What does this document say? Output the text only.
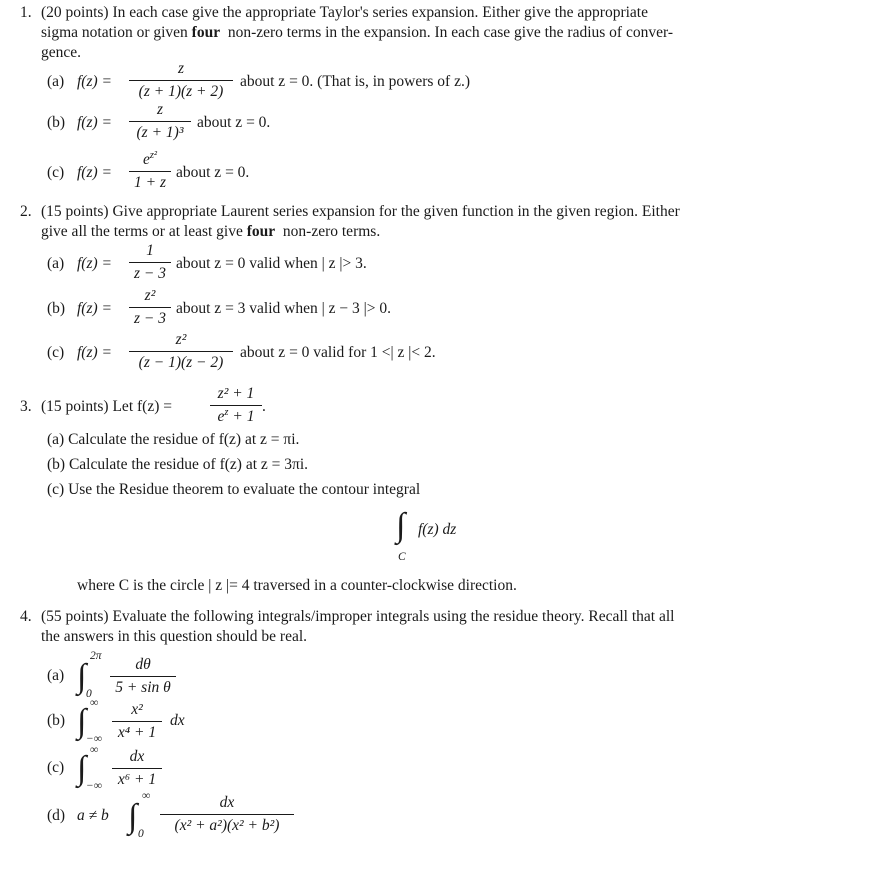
1. (20 points) In each case give the appropriate Taylor's series expansion. Either give the appropriate
sigma notation or given four non-zero terms in the expansion. In each case give the radius of conver-
gence.
(a) f(z) =
z
(z + 1)(z + 2)
about z = 0. (That is, in powers of z.)
(b) f(z) =
z
(z + 1)³
about z = 0.
(c) f(z) =
$e^{z^2}$
1 + z
about z = 0.
2. (15 points) Give appropriate Laurent series expansion for the given function in the given region. Either
give all the terms or at least give four non-zero terms.
(a) f(z) =
1
z − 3
about z = 0 valid when | z |> 3.
(b) f(z) =
z²
z − 3
about z = 3 valid when | z − 3 |> 0.
(c) f(z) =
z²
(z − 1)(z − 2)
about z = 0 valid for 1 <| z |< 2.
3. (15 points) Let f(z) =
z² + 1
$e^z + 1$
.
(a) Calculate the residue of f(z) at z = πi.
(b) Calculate the residue of f(z) at z = 3πi.
(c) Use the Residue theorem to evaluate the contour integral
∫ f(z) dz
C
where C is the circle | z |= 4 traversed in a counter-clockwise direction.
4. (55 points) Evaluate the following integrals/improper integrals using the residue theory. Recall that all
the answers in this question should be real.
(a) ∫
2π
0
dθ
5 + sin θ
(b) ∫ ∞
−∞
x²
x⁴ + 1
dx
(c) ∫ ∞
−∞
dx
x⁶ + 1
(d) a ≠ b ∫
∞
0
dx
(x² + a²)(x² + b²)
